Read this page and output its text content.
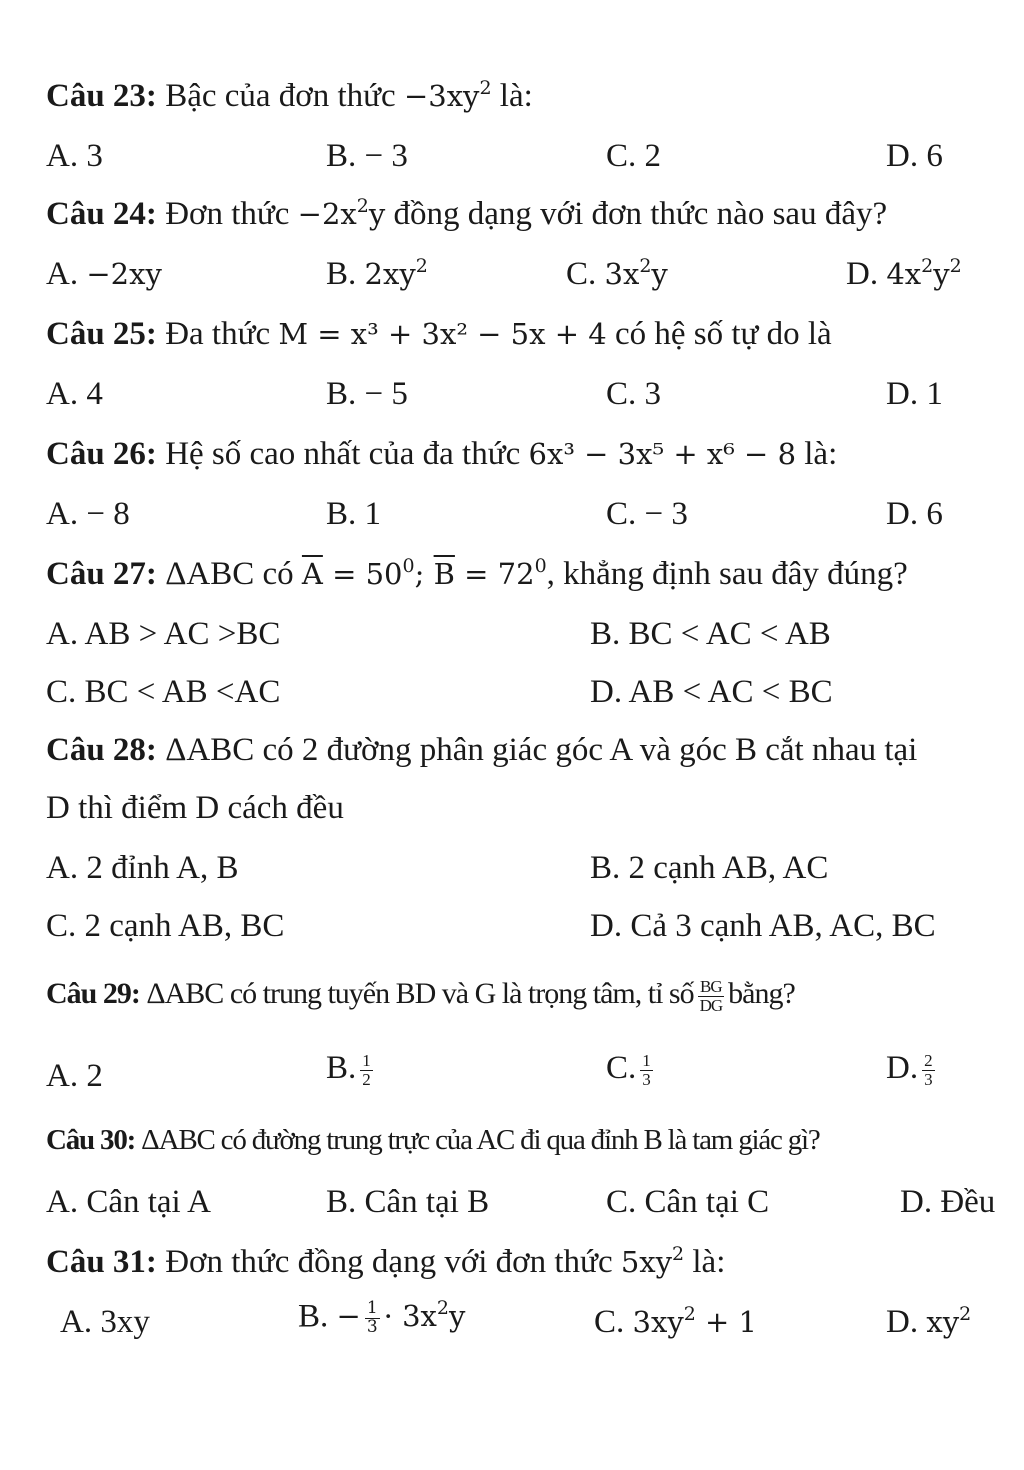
Câu 23: Bậc của đơn thức $-3xy^2$ là:
A. 3	B. − 3	C. 2	D. 6
Câu 24: Đơn thức $-2x^2y$ đồng dạng với đơn thức nào sau đây?
A. −2xy	B. $2xy^2$	C. $3x^2y$	D. $4x^2y^2$
Câu 25: Đa thức M = x³ + 3x² − 5x + 4 có hệ số tự do là
A. 4	B. − 5	C. 3	D. 1
Câu 26: Hệ số cao nhất của đa thức 6x³ − 3x⁵ + x⁶ − 8 là:
A. − 8	B. 1	C. − 3	D. 6
Câu 27: ΔABC có $\overline{A} = 50^0$; $\overline{B} = 72^0$, khẳng định sau đây đúng?
A. AB > AC >BC	B. BC < AC < AB
C. BC < AB <AC	D. AB < AC < BC
Câu 28: ΔABC có 2 đường phân giác góc A và góc B cắt nhau tại
D thì điểm D cách đều
A. 2 đỉnh A, B	B. 2 cạnh AB, AC
C. 2 cạnh AB, BC	D. Cả 3 cạnh AB, AC, BC
Câu 29: ΔABC có trung tuyến BD và G là trọng tâm, tỉ số $\frac{BG}{DG}$ bằng?
A. 2	B. $\frac{1}{2}$	C. $\frac{1}{3}$	D. $\frac{2}{3}$
Câu 30: ΔABC có đường trung trực của AC đi qua đỉnh B là tam giác gì?
A. Cân tại A	B. Cân tại B	C. Cân tại C	D. Đều
Câu 31: Đơn thức đồng dạng với đơn thức $5xy^2$ là:
A. 3xy	B. − $\frac{1}{3} \cdot 3x^2y$	C. $3xy^2 + 1$	D. $xy^2$
